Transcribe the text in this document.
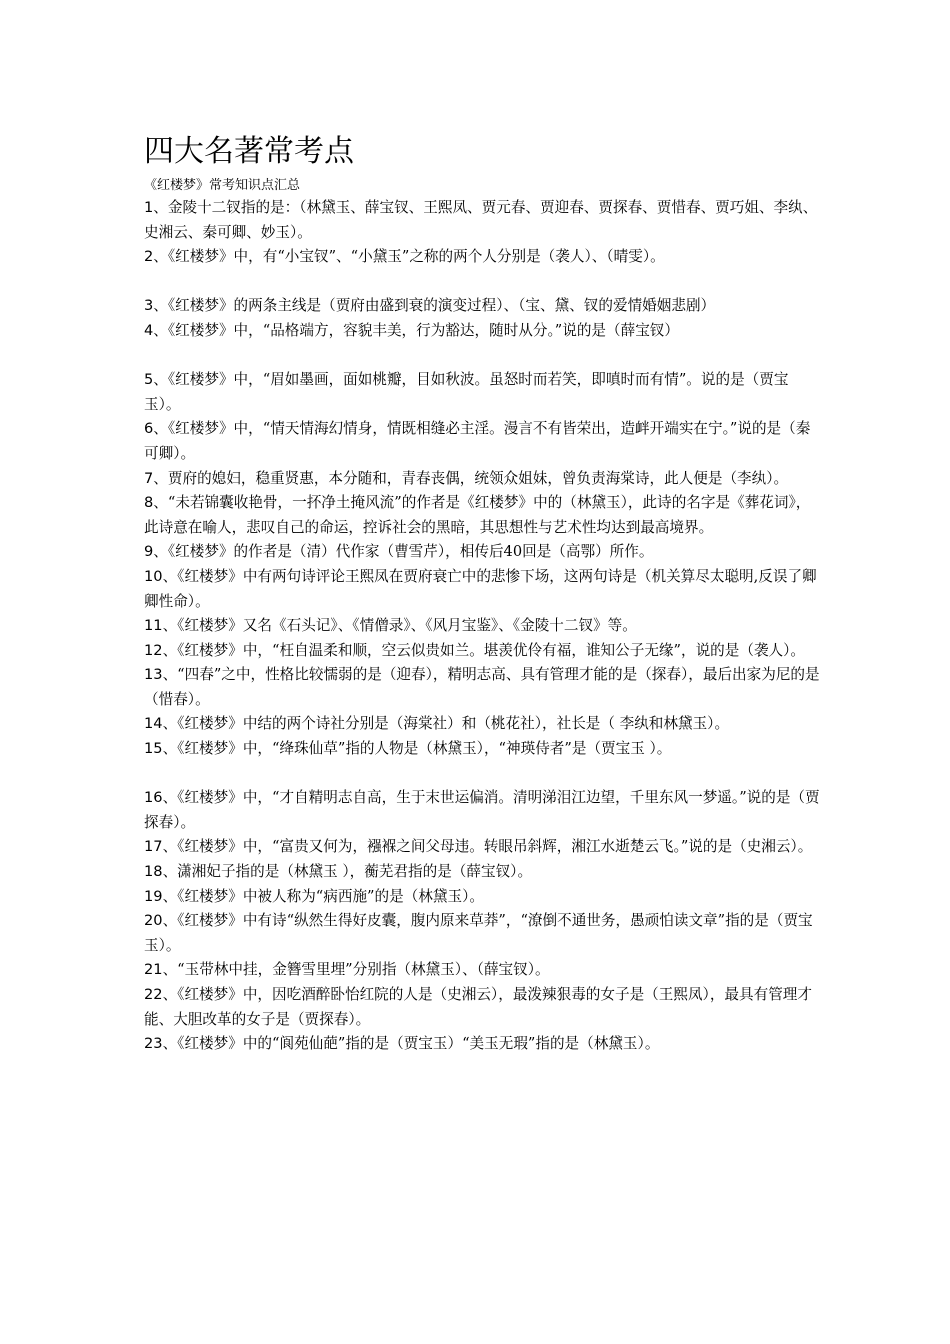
四大名著常考点
《红楼梦》常考知识点汇总

1、金陵十二钗指的是：（林黛玉、薛宝钗、王熙凤、贾元春、贾迎春、贾探春、贾惜春、贾巧姐、李纨、史湘云、秦可卿、妙玉）。

2、《红楼梦》中，有“小宝钗”、“小黛玉”之称的两个人分别是（袭人）、（晴雯）。

3、《红楼梦》的两条主线是（贾府由盛到衰的演变过程）、（宝、黛、钗的爱情婚姻悲剧）

4、《红楼梦》中，“品格端方，容貌丰美，行为豁达，随时从分。”说的是（薛宝钗）

5、《红楼梦》中，“眉如墨画，面如桃瓣，目如秋波。虽怒时而若笑，即嗔时而有情”。说的是（贾宝玉）。

6、《红楼梦》中，“情天情海幻情身，情既相缝必主淫。漫言不有皆荣出，造衅开端实在宁。”说的是（秦可卿）。

7、贾府的媳妇，稳重贤惠，本分随和，青春丧偶，统领众姐妹，曾负责海棠诗，此人便是（李纨）。

8、“未若锦囊收艳骨，一抔净土掩风流”的作者是《红楼梦》中的（林黛玉），此诗的名字是《葬花词》，此诗意在喻人，悲叹自己的命运，控诉社会的黑暗，其思想性与艺术性均达到最高境界。

9、《红楼梦》的作者是（清）代作家（曹雪芹），相传后40回是（高鄂）所作。

10、《红楼梦》中有两句诗评论王熙凤在贾府衰亡中的悲惨下场，这两句诗是（机关算尽太聪明,反误了卿卿性命）。

11、《红楼梦》又名《石头记》、《情僧录》、《风月宝鉴》、《金陵十二钗》等。

12、《红楼梦》中，“枉自温柔和顺，空云似贵如兰。堪羡优伶有福，谁知公子无缘”，说的是（袭人）。

13、“四春”之中，性格比较懦弱的是（迎春），精明志高、具有管理才能的是（探春），最后出家为尼的是（惜春）。

14、《红楼梦》中结的两个诗社分别是（海棠社）和（桃花社），社长是（ 李纨和林黛玉）。

15、《红楼梦》中，“绛珠仙草”指的人物是（林黛玉），“神瑛侍者”是（贾宝玉 ）。

16、《红楼梦》中，“才自精明志自高，生于末世运偏消。清明涕泪江边望，千里东风一梦遥。”说的是（贾探春）。

17、《红楼梦》中，“富贵又何为，襁褓之间父母违。转眼吊斜辉，湘江水逝楚云飞。”说的是（史湘云）。

18、潇湘妃子指的是（林黛玉 ），蘅芜君指的是（薛宝钗）。

19、《红楼梦》中被人称为“病西施”的是（林黛玉）。

20、《红楼梦》中有诗“纵然生得好皮囊，腹内原来草莽”，“潦倒不通世务，愚顽怕读文章”指的是（贾宝玉）。

21、“玉带林中挂，金簪雪里埋”分别指（林黛玉）、（薛宝钗）。

22、《红楼梦》中，因吃酒醉卧怡红院的人是（史湘云），最泼辣狠毒的女子是（王熙凤），最具有管理才能、大胆改革的女子是（贾探春）。

23、《红楼梦》中的“阆苑仙葩”指的是（贾宝玉）“美玉无瑕”指的是（林黛玉）。
